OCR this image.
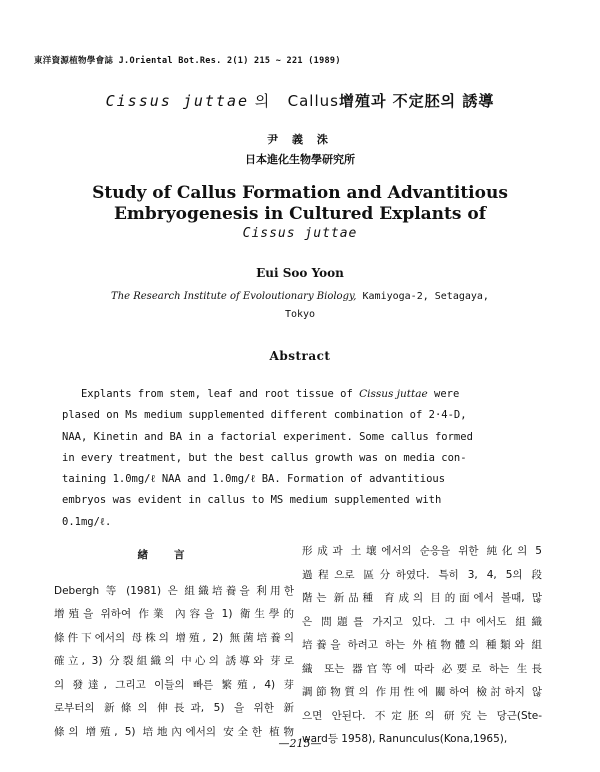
東洋資源植物學會誌 J.Oriental Bot.Res. 2(1) 215 ~ 221 (1989)
Cissus juttae 의 Callus增殖과 不定胚의 誘導
尹 義 洙
日本進化生物學研究所
Study of Callus Formation and Advantitious
Embryogenesis in Cultured Explants of
Cissus juttae
Eui Soo Yoon
The Research Institute of Evoloutionary Biology, Kamiyoga-2, Setagaya,
Tokyo
Abstract
Explants from stem, leaf and root tissue of Cissus juttae were
plased on Ms medium supplemented different combination of 2·4-D,
NAA, Kinetin and BA in a factorial experiment. Some callus formed
in every treatment, but the best callus growth was on media con-
taining 1.0mg/ℓ NAA and 1.0mg/ℓ BA. Formation of advantitious
embryos was evident in callus to MS medium supplemented with
0.1mg/ℓ.
緖言
Debergh 等 (1981) 은 組織培養을 利用한
增殖을 위하여 作業 內容을 1) 衛生學的
條件下에서의 母株의 增殖, 2) 無菌培養의
確立, 3) 分裂組織의 中心의 誘導와 芽로
의 發達, 그리고 이들의 빠른 繁殖, 4) 芽
로부터의 新條의 伸長과, 5) 을 위한 新
條의 增殖, 5) 培地內에서의 安全한 植物
形成과 土壤에서의 순응을 위한 純化의 5
過程으로 區分하였다. 특히 3, 4, 5의 段
階는 新品種 育成의 目的面에서 볼때, 많
은 問題를 가지고 있다. 그中에서도 組織
培養을 하려고 하는 外植物體의 種類와 組
織 또는 器官等에 따라 必要로 하는 生長
調節物質의 作用性에 關하여 檢討하지 않
으면 안된다. 不定胚의 研究는 당근(Ste-
ward등 1958), Ranunculus(Kona,1965),
—215—
